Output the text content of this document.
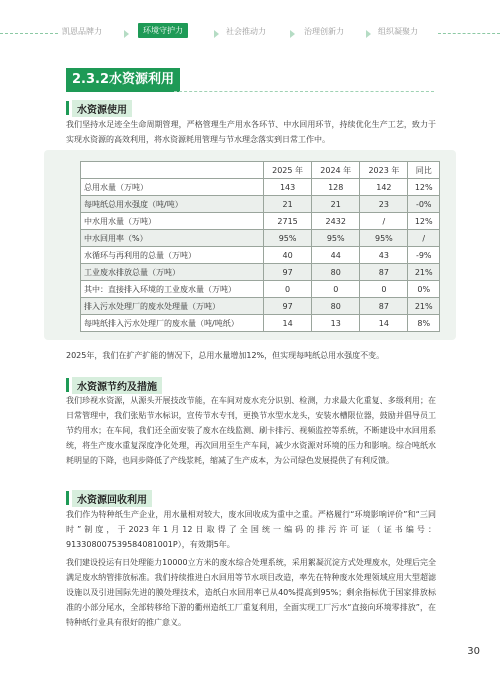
凯恩品牌力	环境守护力	社会推动力	治理创新力	组织凝聚力
2.3.2水资源利用
水资源使用

我们坚持水足迹全生命周期管理，严格管理生产用水各环节、中水回用环节，持续优化生产工艺，致力于实现水资源的高效利用，将水资源耗用管理与节水理念落实到日常工作中。

	2025 年	2024 年	2023 年	同比
总用水量（万吨）	143	128	142	12%
每吨纸总用水强度（吨/吨）	21	21	23	-0%
中水用水量（万吨）	2715	2432	/	12%
中水回用率（%）	95%	95%	95%	/
水循环与再利用的总量（万吨）	40	44	43	-9%
工业废水排放总量（万吨）	97	80	87	21%
其中：直接排入环境的工业废水量（万吨）	0	0	0	0%
排入污水处理厂的废水处理量（万吨）	97	80	87	21%
每吨纸排入污水处理厂的废水量（吨/吨纸）	14	13	14	8%

2025年，我们在扩产扩能的情况下，总用水量增加12%，但实现每吨纸总用水强度不变。

水资源节约及措施

我们珍视水资源，从源头开展技改节能，在车间对废水充分识别、检测，力求最大化重复、多级利用；在日常管理中，我们张贴节水标识，宣传节水专刊，更换节水型水龙头，安装水槽限位器，鼓励并倡导员工节约用水；在车间，我们还全面安装了废水在线监测、刷卡排污、视频监控等系统，不断建设中水回用系统，将生产废水重复深度净化处理，再次回用至生产车间，减少水资源对环境的压力和影响。综合吨纸水耗明显的下降，也同步降低了产线浆耗，缩减了生产成本，为公司绿色发展提供了有利反馈。

水资源回收利用

我们作为特种纸生产企业，用水量相对较大，废水回收成为重中之重。严格履行“环境影响评价”和“三同时”制度，于2023年1月12日取得了全国统一编码的排污许可证（证书编号：913308007539584081001P），有效期5年。

我们建设投运有日处理能力10000立方米的废水综合处理系统，采用絮凝沉淀方式处理废水，处理后完全满足废水纳管排放标准。我们持续推进白水回用等节水项目改造，率先在特种废水处理领域应用大型超滤设施以及引进国际先进的膜处理技术，造纸白水回用率已从40%提高到95%；剩余指标优于国家排放标准的小部分尾水，全部转移给下游的衢州造纸工厂重复利用，全面实现工厂污水“直接向环境零排放”，在特种纸行业具有很好的推广意义。

30
